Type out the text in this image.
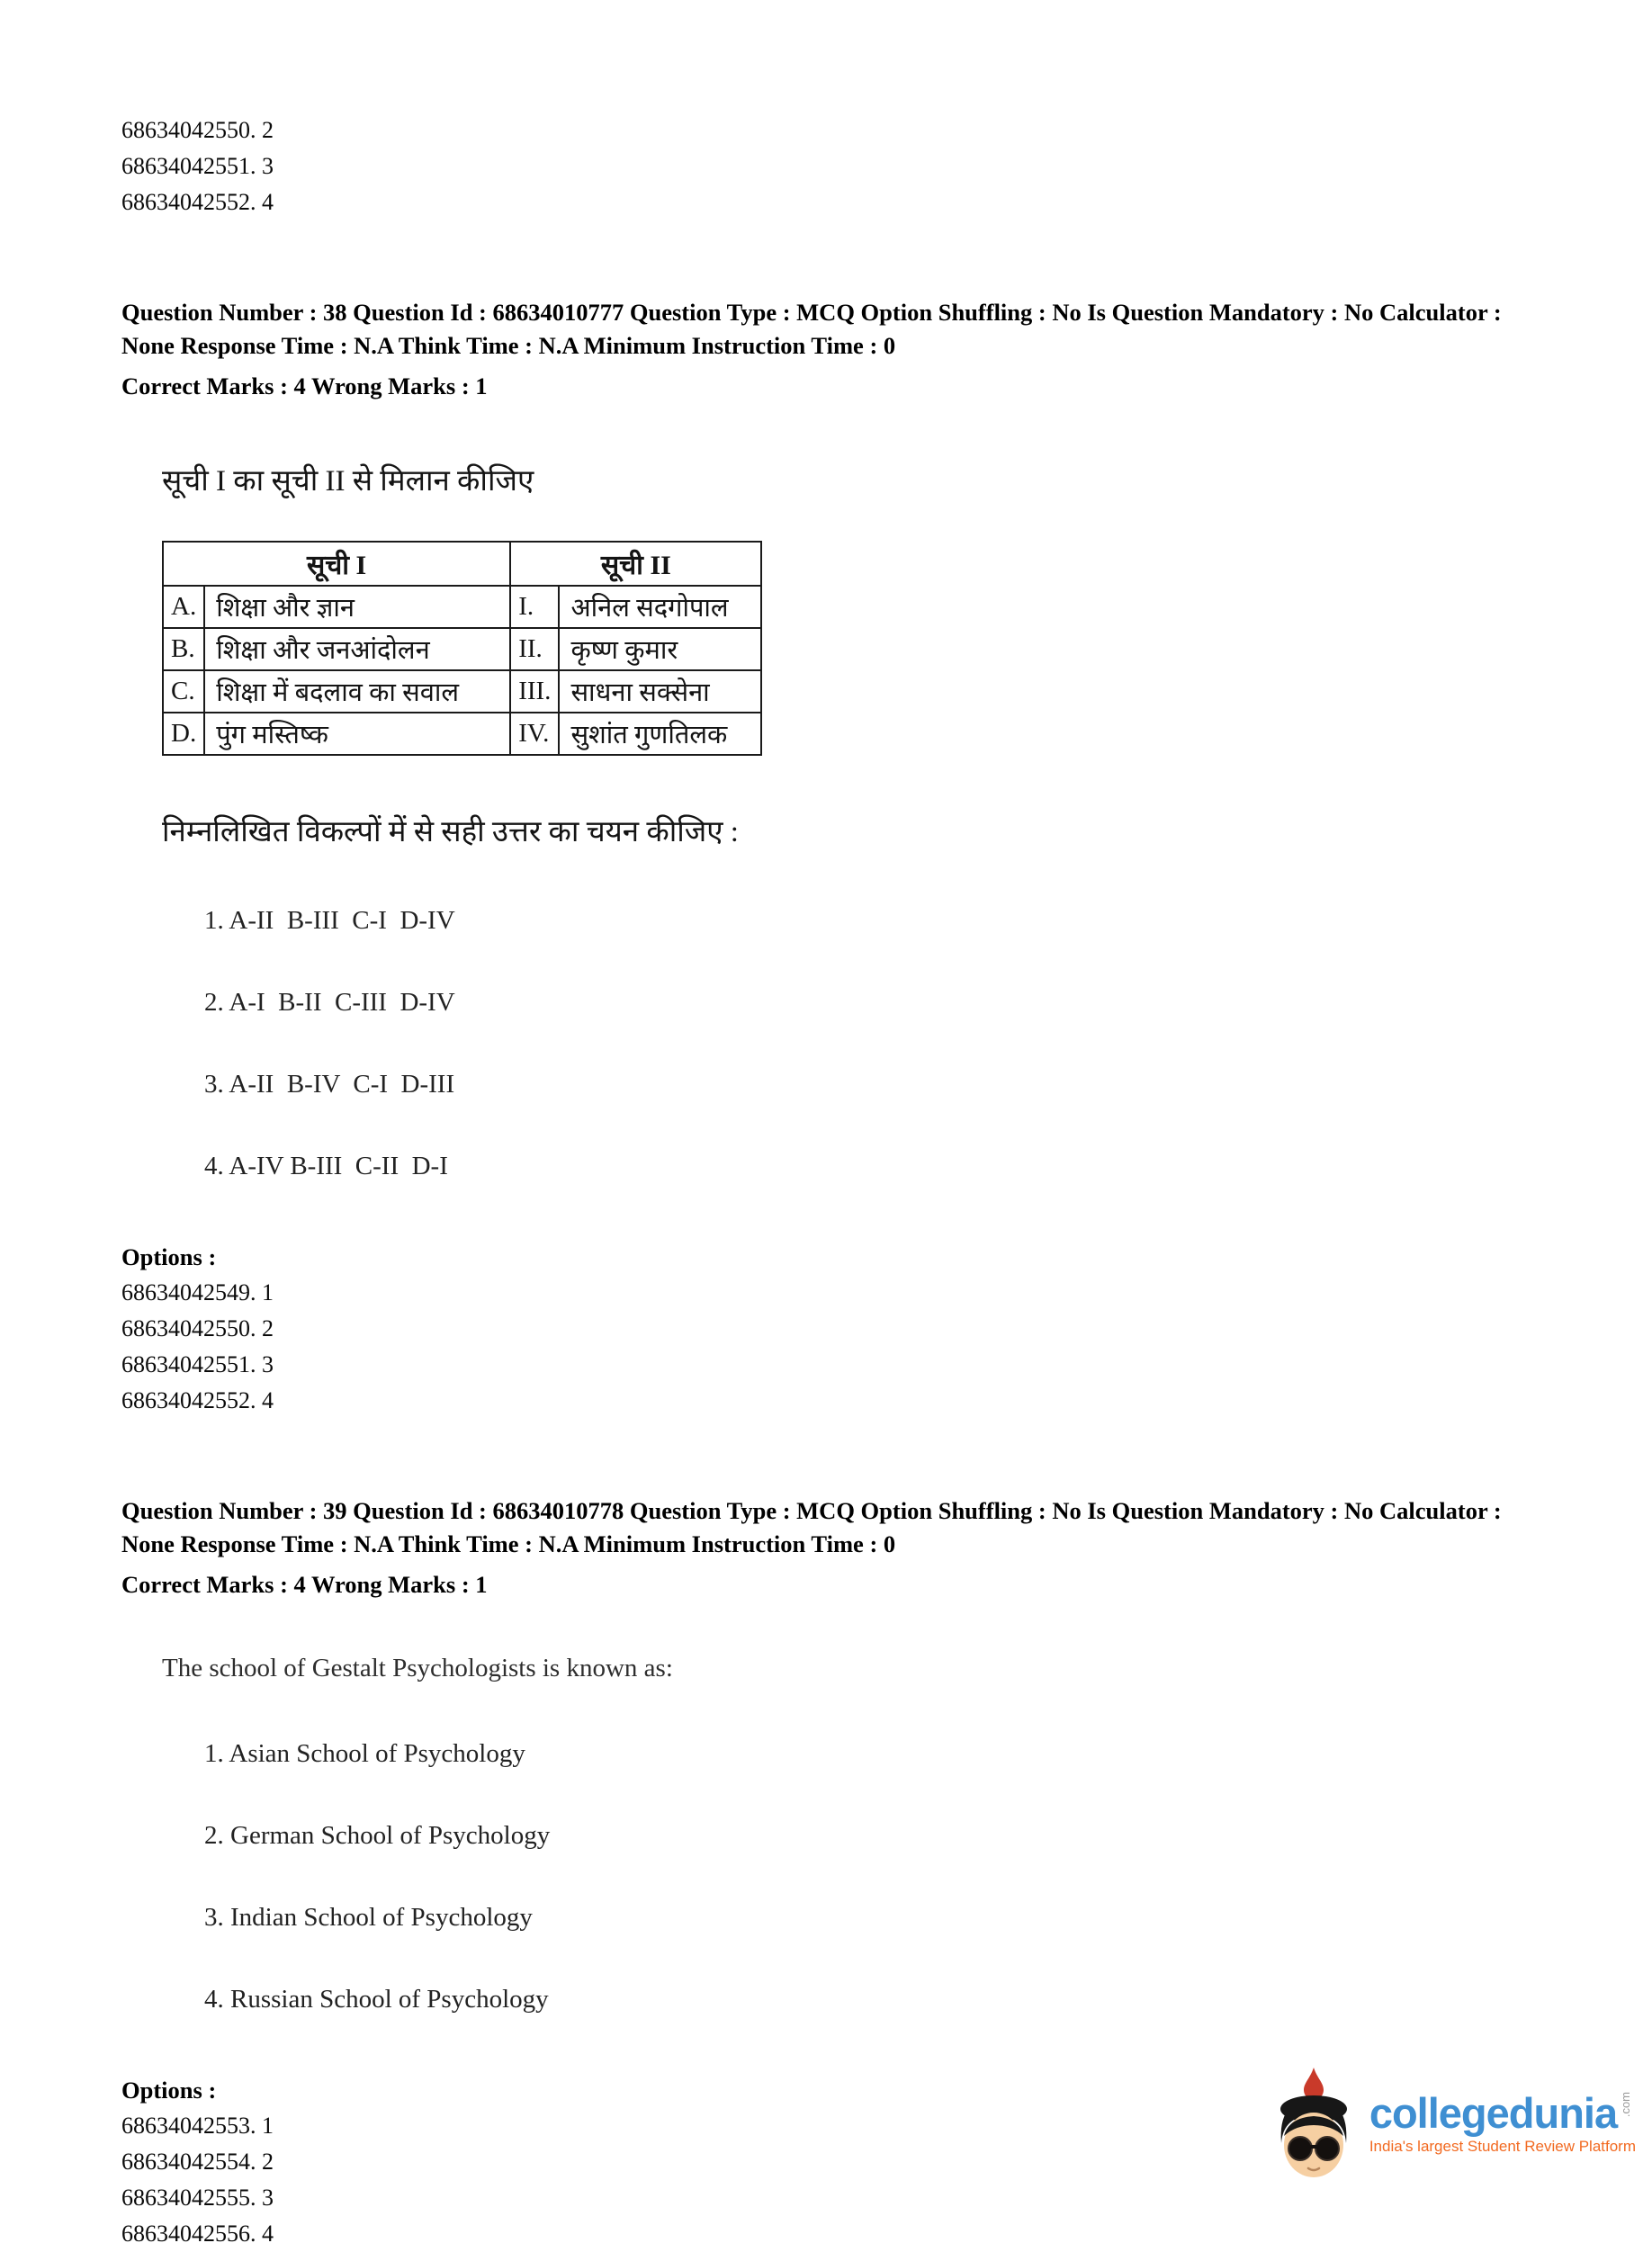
68634042550. 2
68634042551. 3
68634042552. 4
Question Number : 38 Question Id : 68634010777 Question Type : MCQ Option Shuffling : No Is Question Mandatory : No Calculator : None Response Time : N.A Think Time : N.A Minimum Instruction Time : 0
Correct Marks : 4 Wrong Marks : 1
सूची I का सूची II से मिलान कीजिए
सूची I		सूची II	
A.	शिक्षा और ज्ञान	I.	अनिल सदगोपाल
B.	शिक्षा और जनआंदोलन	II.	कृष्ण कुमार
C.	शिक्षा में बदलाव का सवाल	III.	साधना सक्सेना
D.	पुंग मस्तिष्क	IV.	सुशांत गुणतिलक
निम्नलिखित विकल्पों में से सही उत्तर का चयन कीजिए :
1. A-II  B-III  C-I  D-IV
2. A-I  B-II  C-III  D-IV
3. A-II  B-IV  C-I  D-III
4. A-IV B-III  C-II  D-I
Options :
68634042549. 1
68634042550. 2
68634042551. 3
68634042552. 4
Question Number : 39 Question Id : 68634010778 Question Type : MCQ Option Shuffling : No Is Question Mandatory : No Calculator : None Response Time : N.A Think Time : N.A Minimum Instruction Time : 0
Correct Marks : 4 Wrong Marks : 1
The school of Gestalt Psychologists is known as:
1. Asian School of Psychology
2. German School of Psychology
3. Indian School of Psychology
4. Russian School of Psychology
Options :
68634042553. 1
68634042554. 2
68634042555. 3
68634042556. 4
collegedunia .com
India's largest Student Review Platform
